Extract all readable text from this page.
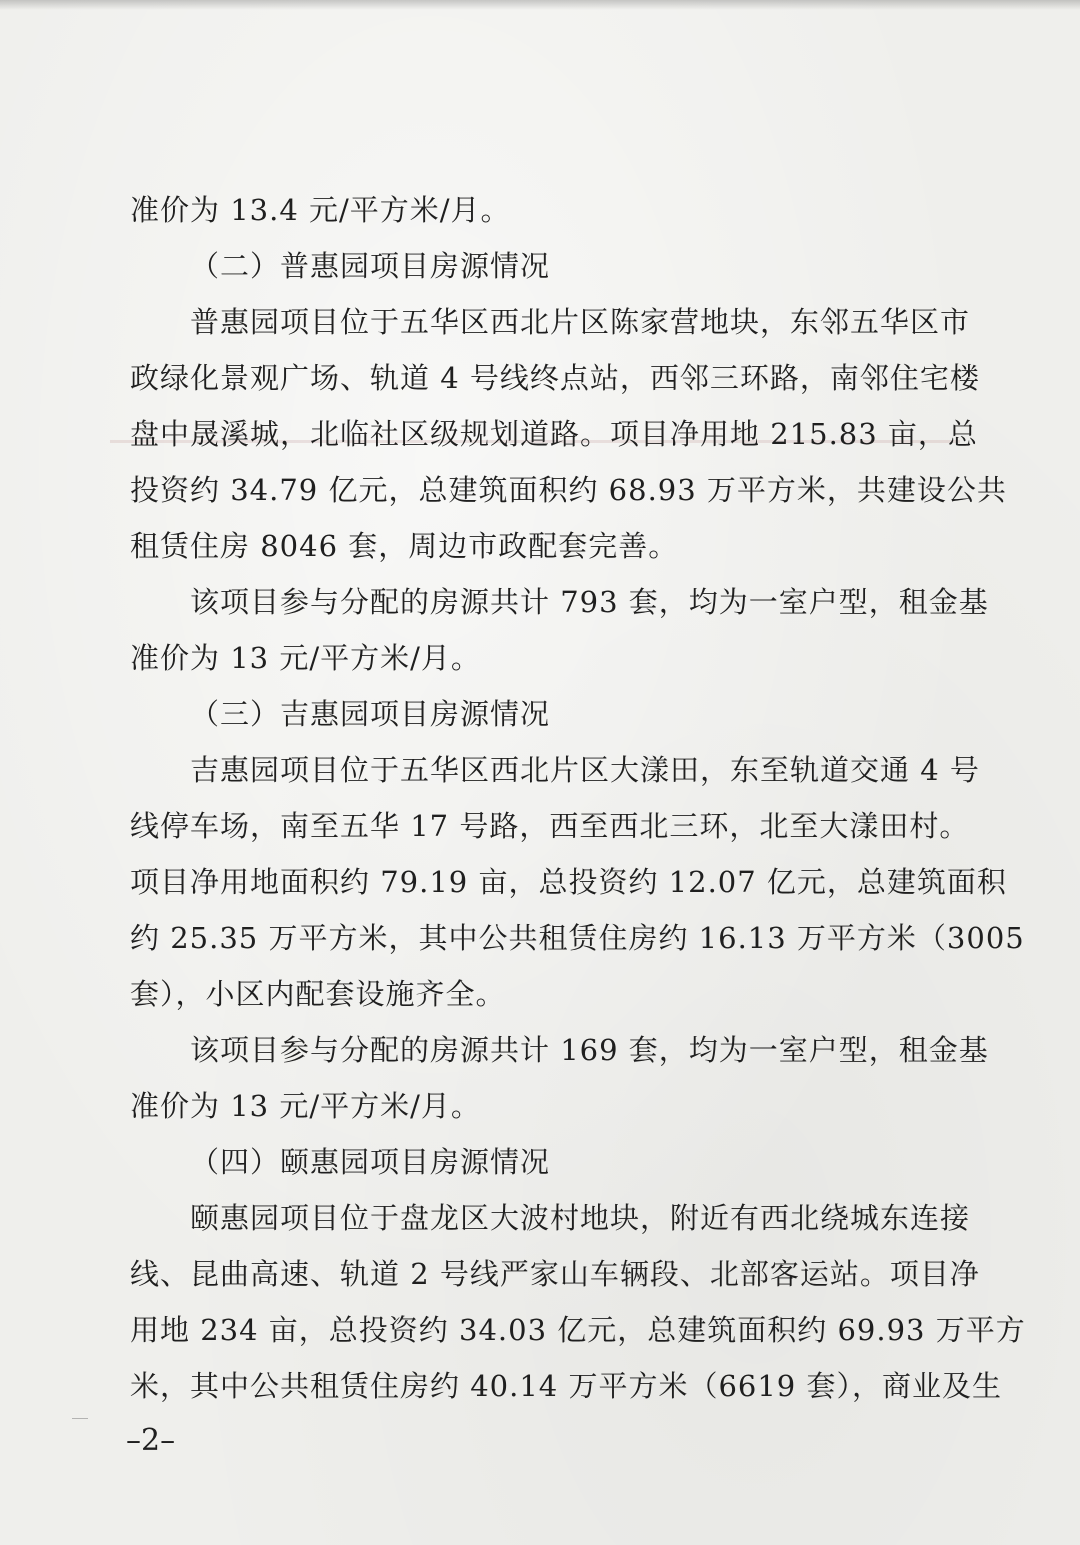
准价为 13.4 元/平方米/月。
（二）普惠园项目房源情况
普惠园项目位于五华区西北片区陈家营地块，东邻五华区市
政绿化景观广场、轨道 4 号线终点站，西邻三环路，南邻住宅楼
盘中晟溪城，北临社区级规划道路。项目净用地 215.83 亩，总
投资约 34.79 亿元，总建筑面积约 68.93 万平方米，共建设公共
租赁住房 8046 套，周边市政配套完善。
该项目参与分配的房源共计 793 套，均为一室户型，租金基
准价为 13 元/平方米/月。
（三）吉惠园项目房源情况
吉惠园项目位于五华区西北片区大漾田，东至轨道交通 4 号
线停车场，南至五华 17 号路，西至西北三环，北至大漾田村。
项目净用地面积约 79.19 亩，总投资约 12.07 亿元，总建筑面积
约 25.35 万平方米，其中公共租赁住房约 16.13 万平方米（3005
套），小区内配套设施齐全。
该项目参与分配的房源共计 169 套，均为一室户型，租金基
准价为 13 元/平方米/月。
（四）颐惠园项目房源情况
颐惠园项目位于盘龙区大波村地块，附近有西北绕城东连接
线、昆曲高速、轨道 2 号线严家山车辆段、北部客运站。项目净
用地 234 亩，总投资约 34.03 亿元，总建筑面积约 69.93 万平方
米，其中公共租赁住房约 40.14 万平方米（6619 套），商业及生
–2–
